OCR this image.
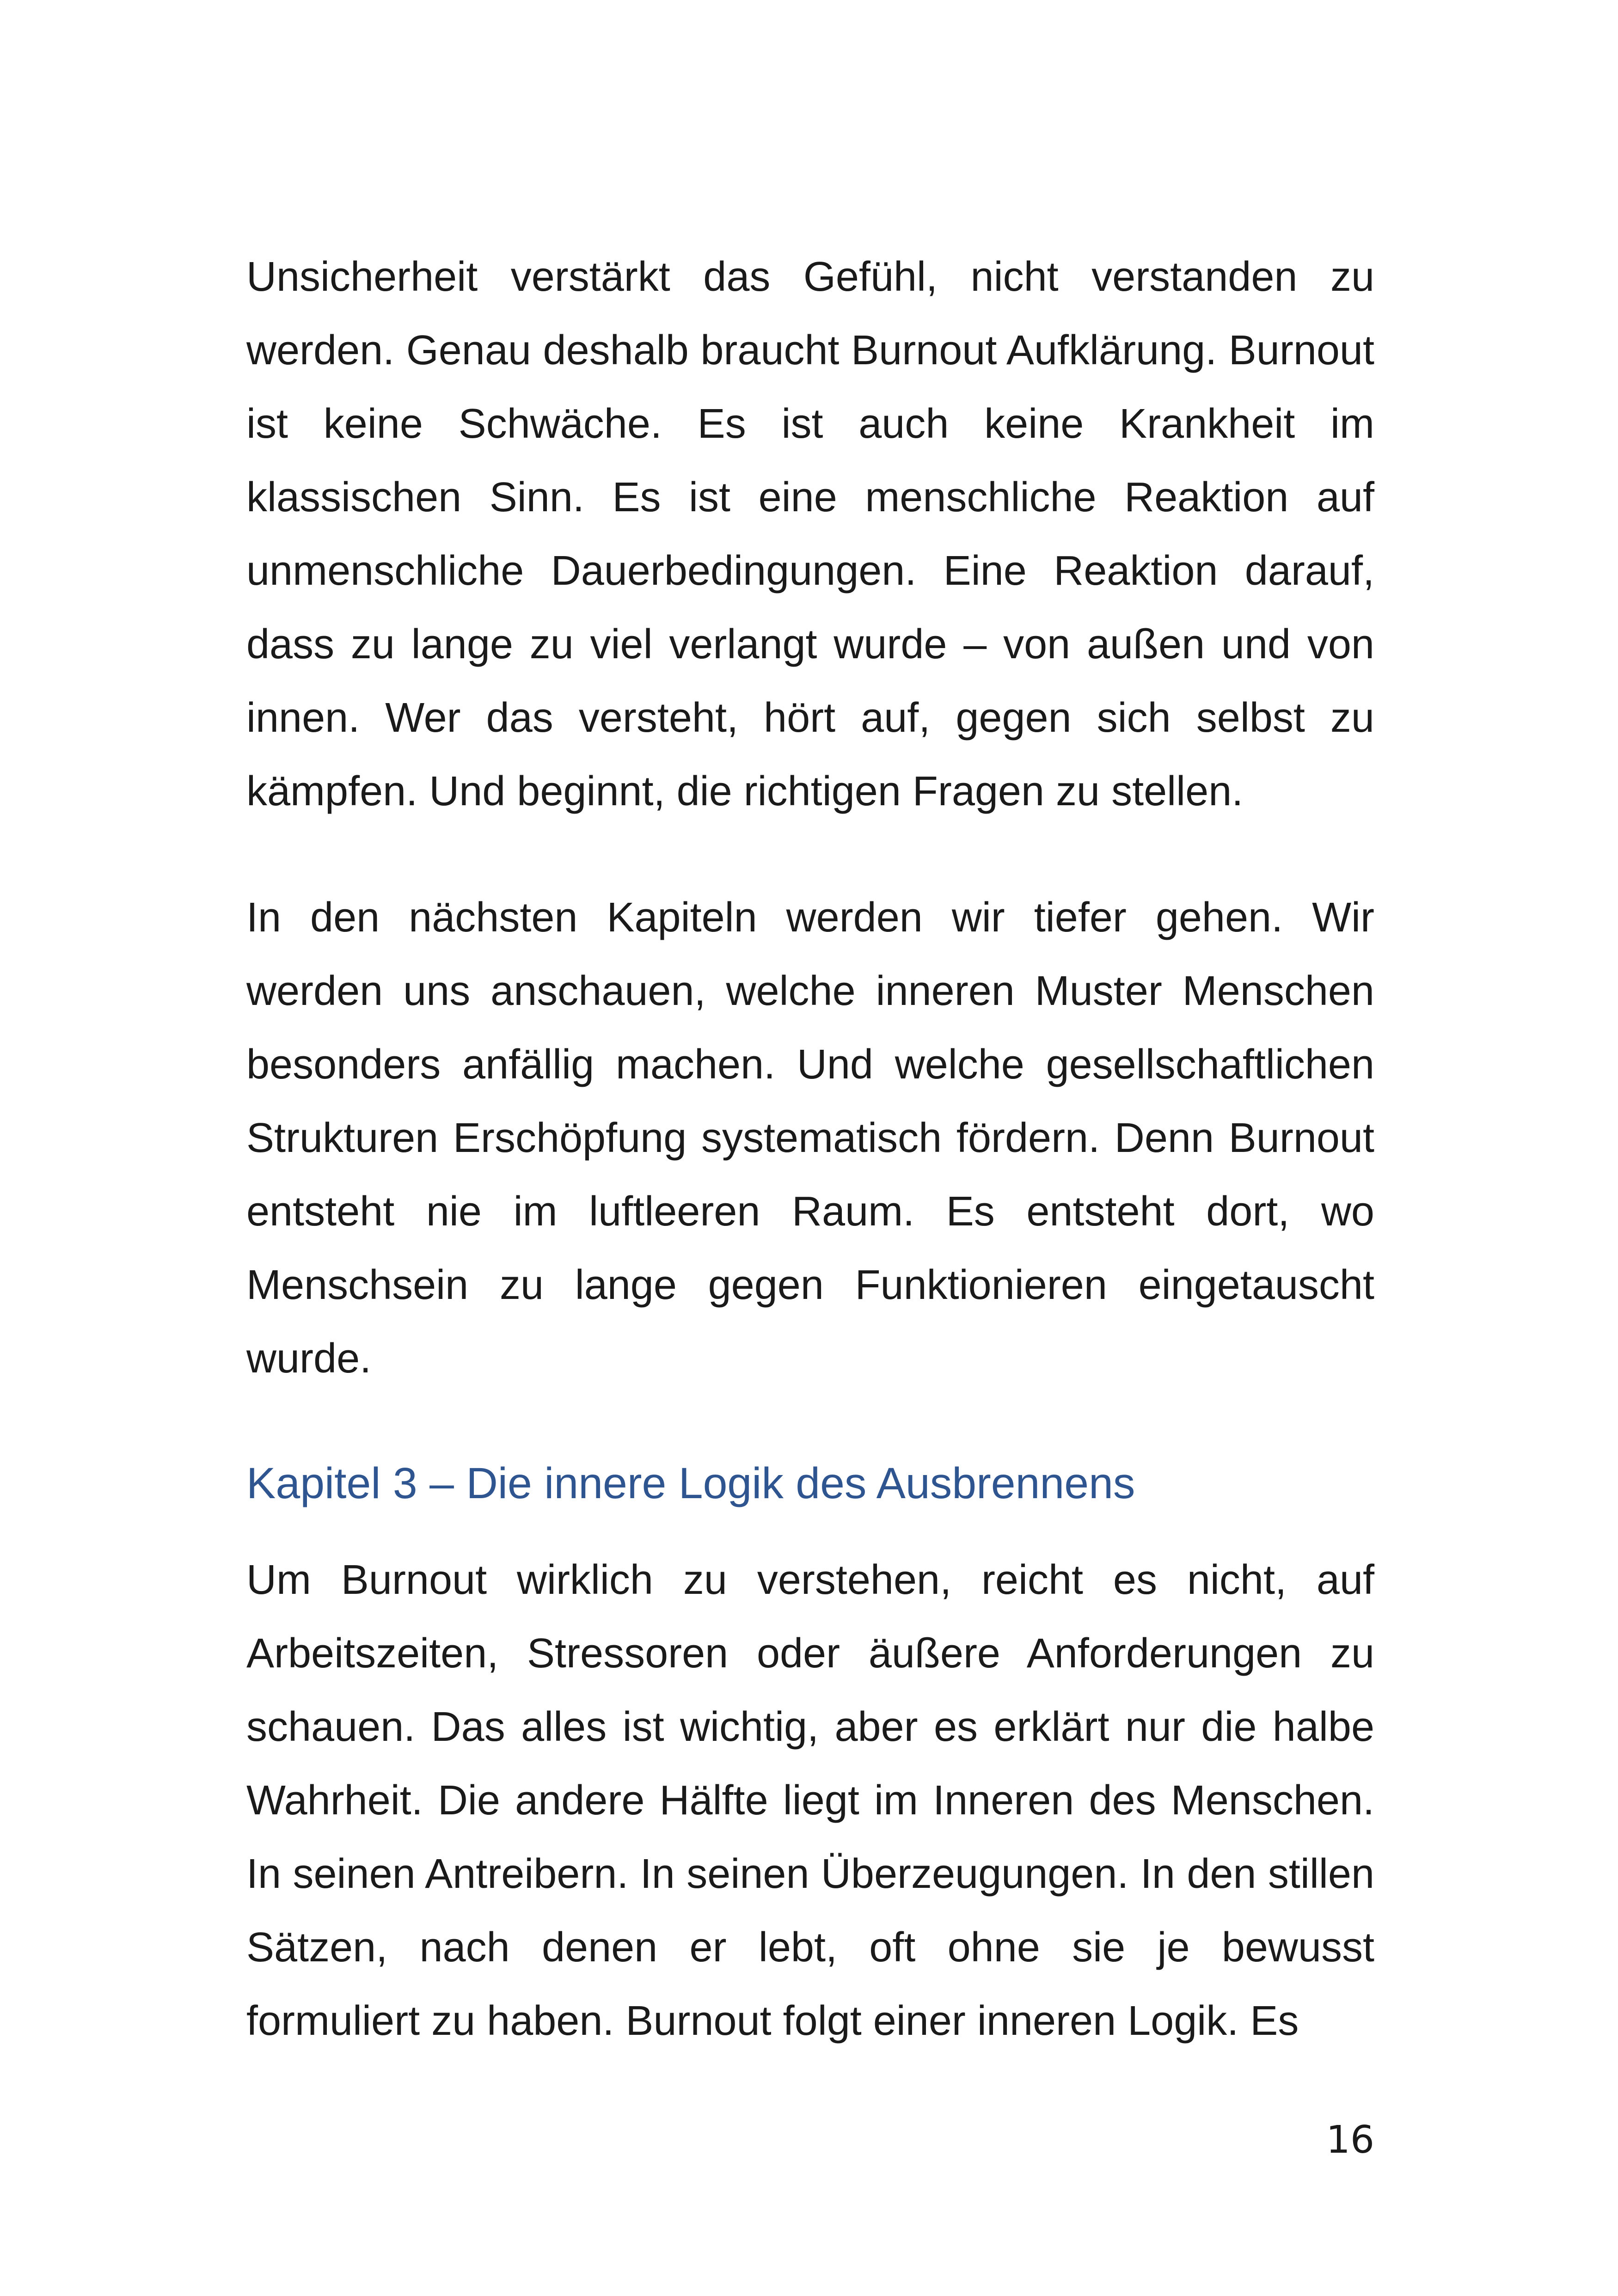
Unsicherheit verstärkt das Gefühl, nicht verstanden zu werden. Genau deshalb braucht Burnout Aufklärung. Burnout ist keine Schwäche. Es ist auch keine Krankheit im klassischen Sinn. Es ist eine menschliche Reaktion auf unmenschliche Dauerbedingungen. Eine Reaktion darauf, dass zu lange zu viel verlangt wurde – von außen und von innen. Wer das versteht, hört auf, gegen sich selbst zu kämpfen. Und beginnt, die richtigen Fragen zu stellen.

In den nächsten Kapiteln werden wir tiefer gehen. Wir werden uns anschauen, welche inneren Muster Menschen besonders anfällig machen. Und welche gesellschaftlichen Strukturen Erschöpfung systematisch fördern. Denn Burnout entsteht nie im luftleeren Raum. Es entsteht dort, wo Menschsein zu lange gegen Funktionieren eingetauscht wurde.

Kapitel 3 – Die innere Logik des Ausbrennens

Um Burnout wirklich zu verstehen, reicht es nicht, auf Arbeitszeiten, Stressoren oder äußere Anforderungen zu schauen. Das alles ist wichtig, aber es erklärt nur die halbe Wahrheit. Die andere Hälfte liegt im Inneren des Menschen. In seinen Antreibern. In seinen Überzeugungen. In den stillen Sätzen, nach denen er lebt, oft ohne sie je bewusst formuliert zu haben. Burnout folgt einer inneren Logik. Es

16
